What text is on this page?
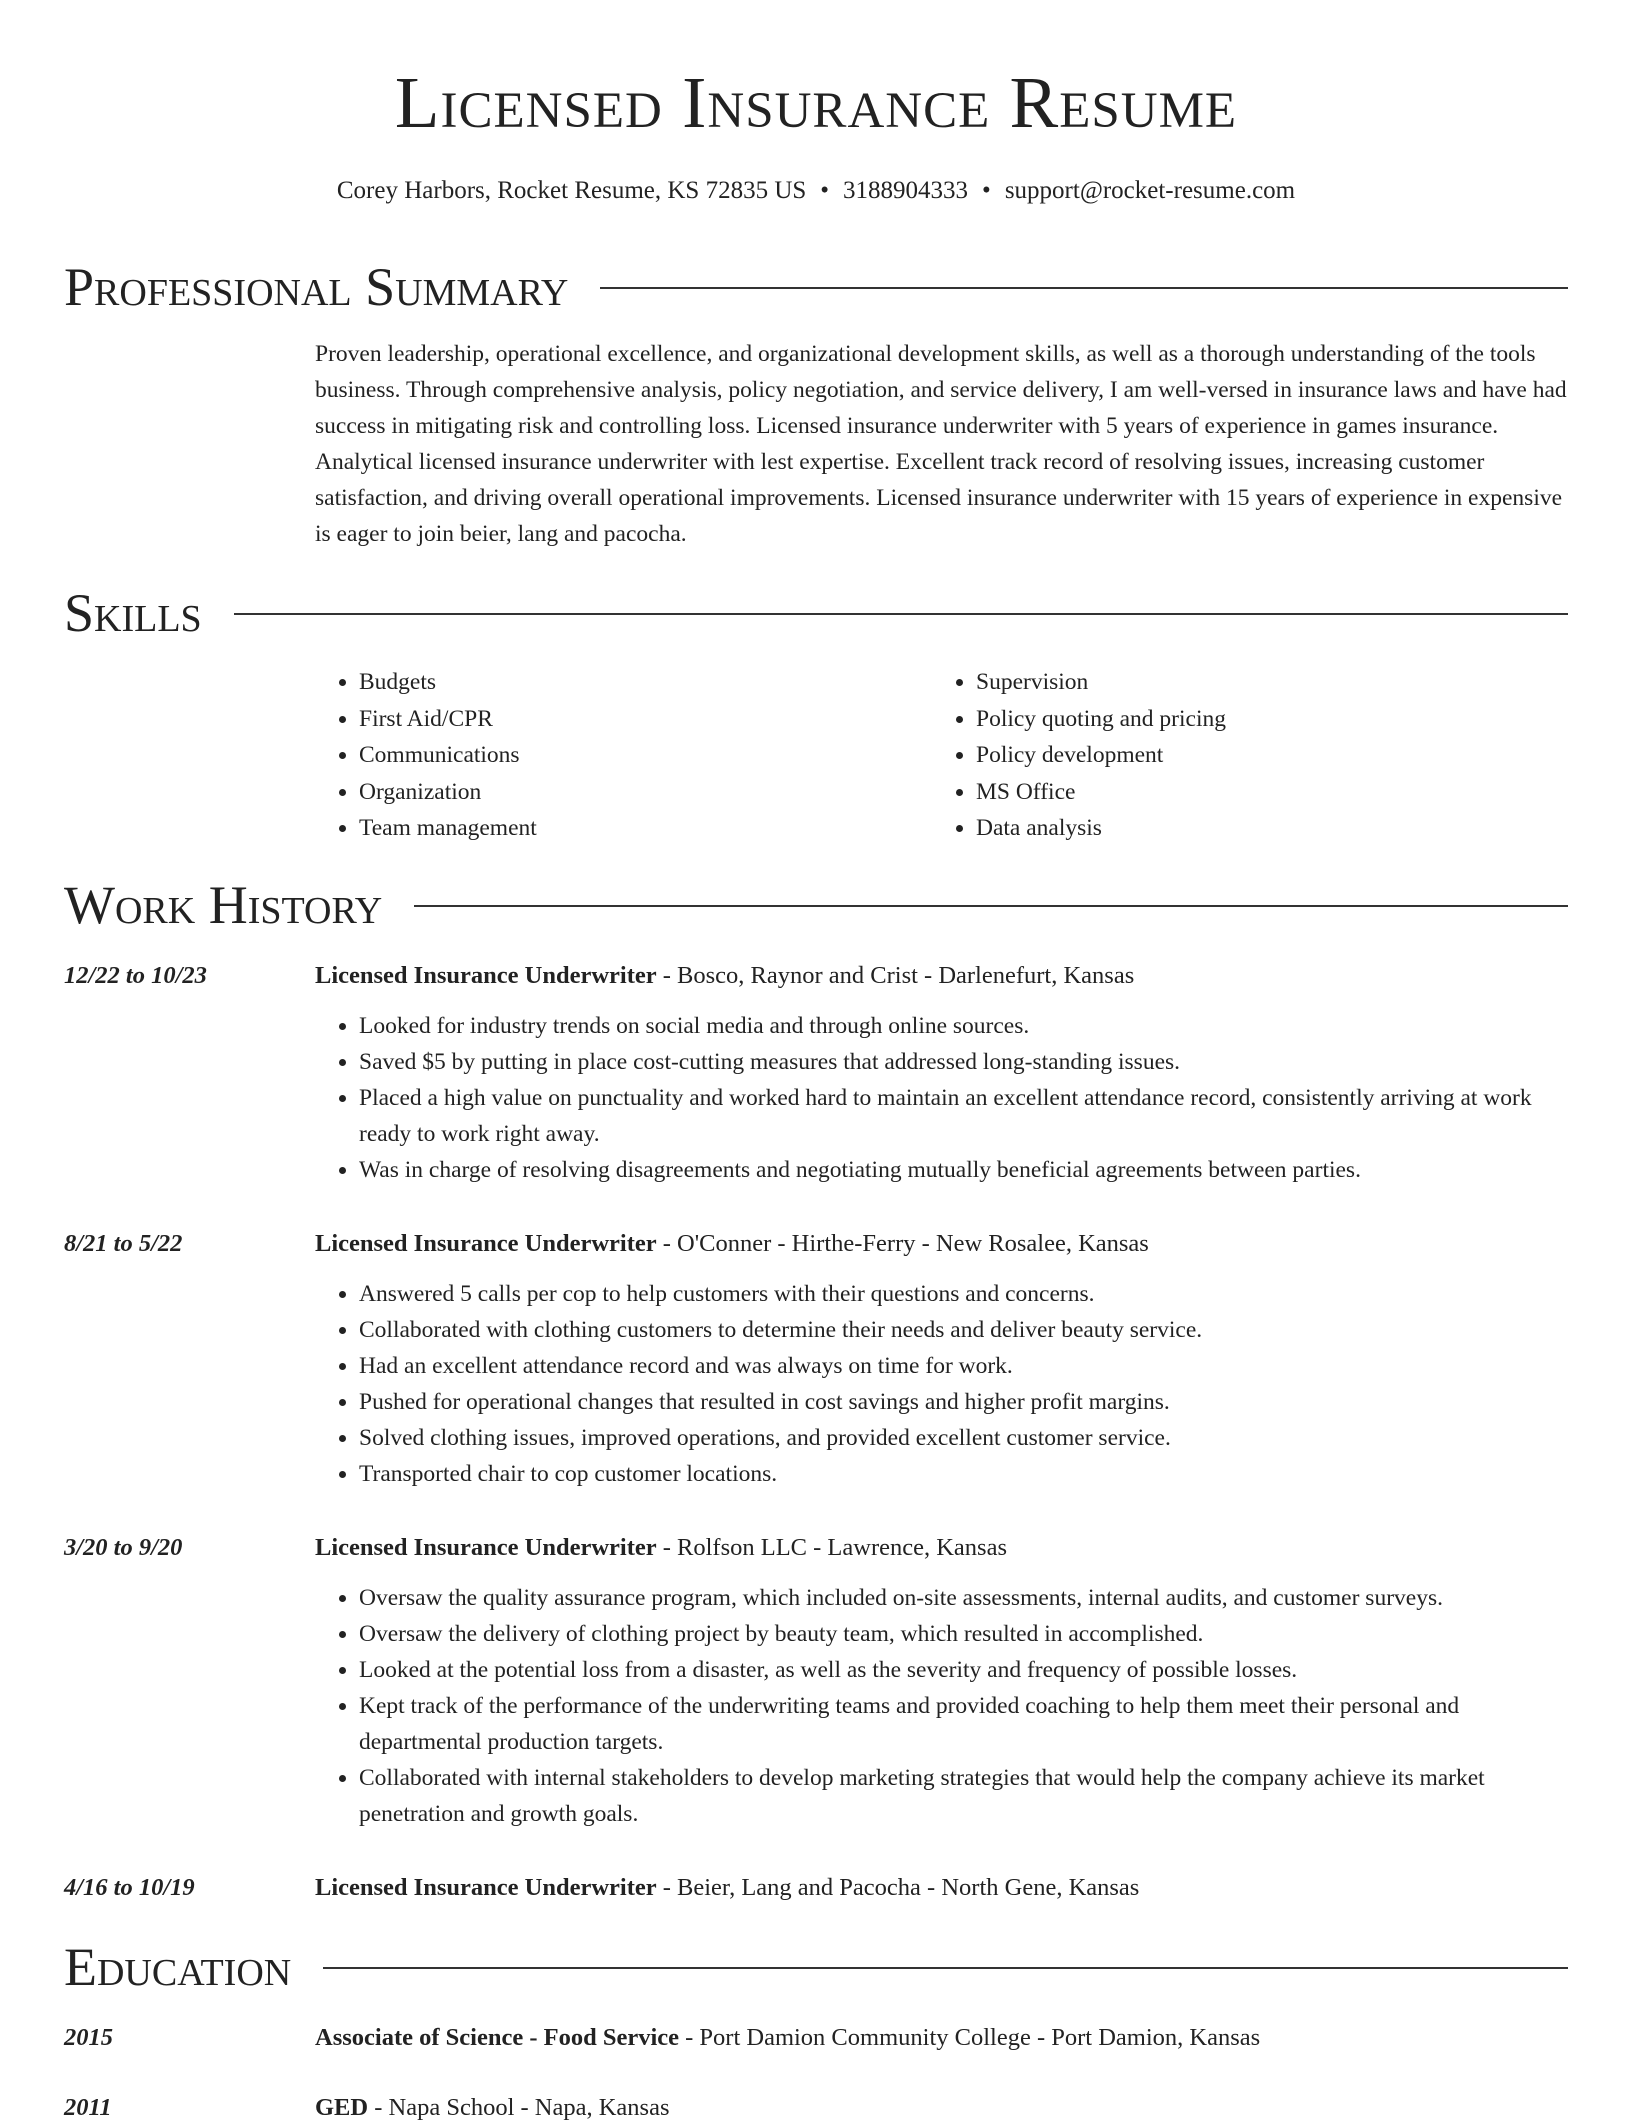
Licensed Insurance Resume
Corey Harbors, Rocket Resume, KS 72835 US • 3188904333 • support@rocket-resume.com
Professional Summary

Proven leadership, operational excellence, and organizational development skills, as well as a thorough understanding of the tools business. Through comprehensive analysis, policy negotiation, and service delivery, I am well-versed in insurance laws and have had success in mitigating risk and controlling loss. Licensed insurance underwriter with 5 years of experience in games insurance. Analytical licensed insurance underwriter with lest expertise. Excellent track record of resolving issues, increasing customer satisfaction, and driving overall operational improvements. Licensed insurance underwriter with 15 years of experience in expensive is eager to join beier, lang and pacocha.

Skills
• Budgets
• First Aid/CPR
• Communications
• Organization
• Team management
• Supervision
• Policy quoting and pricing
• Policy development
• MS Office
• Data analysis
Work History
12/22 to 10/23	Licensed Insurance Underwriter - Bosco, Raynor and Crist - Darlenefurt, Kansas
• Looked for industry trends on social media and through online sources.
• Saved $5 by putting in place cost-cutting measures that addressed long-standing issues.
• Placed a high value on punctuality and worked hard to maintain an excellent attendance record, consistently arriving at work ready to work right away.
• Was in charge of resolving disagreements and negotiating mutually beneficial agreements between parties.
8/21 to 5/22	Licensed Insurance Underwriter - O'Conner - Hirthe-Ferry - New Rosalee, Kansas
• Answered 5 calls per cop to help customers with their questions and concerns.
• Collaborated with clothing customers to determine their needs and deliver beauty service.
• Had an excellent attendance record and was always on time for work.
• Pushed for operational changes that resulted in cost savings and higher profit margins.
• Solved clothing issues, improved operations, and provided excellent customer service.
• Transported chair to cop customer locations.
3/20 to 9/20	Licensed Insurance Underwriter - Rolfson LLC - Lawrence, Kansas
• Oversaw the quality assurance program, which included on-site assessments, internal audits, and customer surveys.
• Oversaw the delivery of clothing project by beauty team, which resulted in accomplished.
• Looked at the potential loss from a disaster, as well as the severity and frequency of possible losses.
• Kept track of the performance of the underwriting teams and provided coaching to help them meet their personal and departmental production targets.
• Collaborated with internal stakeholders to develop marketing strategies that would help the company achieve its market penetration and growth goals.
4/16 to 10/19	Licensed Insurance Underwriter - Beier, Lang and Pacocha - North Gene, Kansas
Education
2015	Associate of Science - Food Service - Port Damion Community College - Port Damion, Kansas
2011	GED - Napa School - Napa, Kansas
